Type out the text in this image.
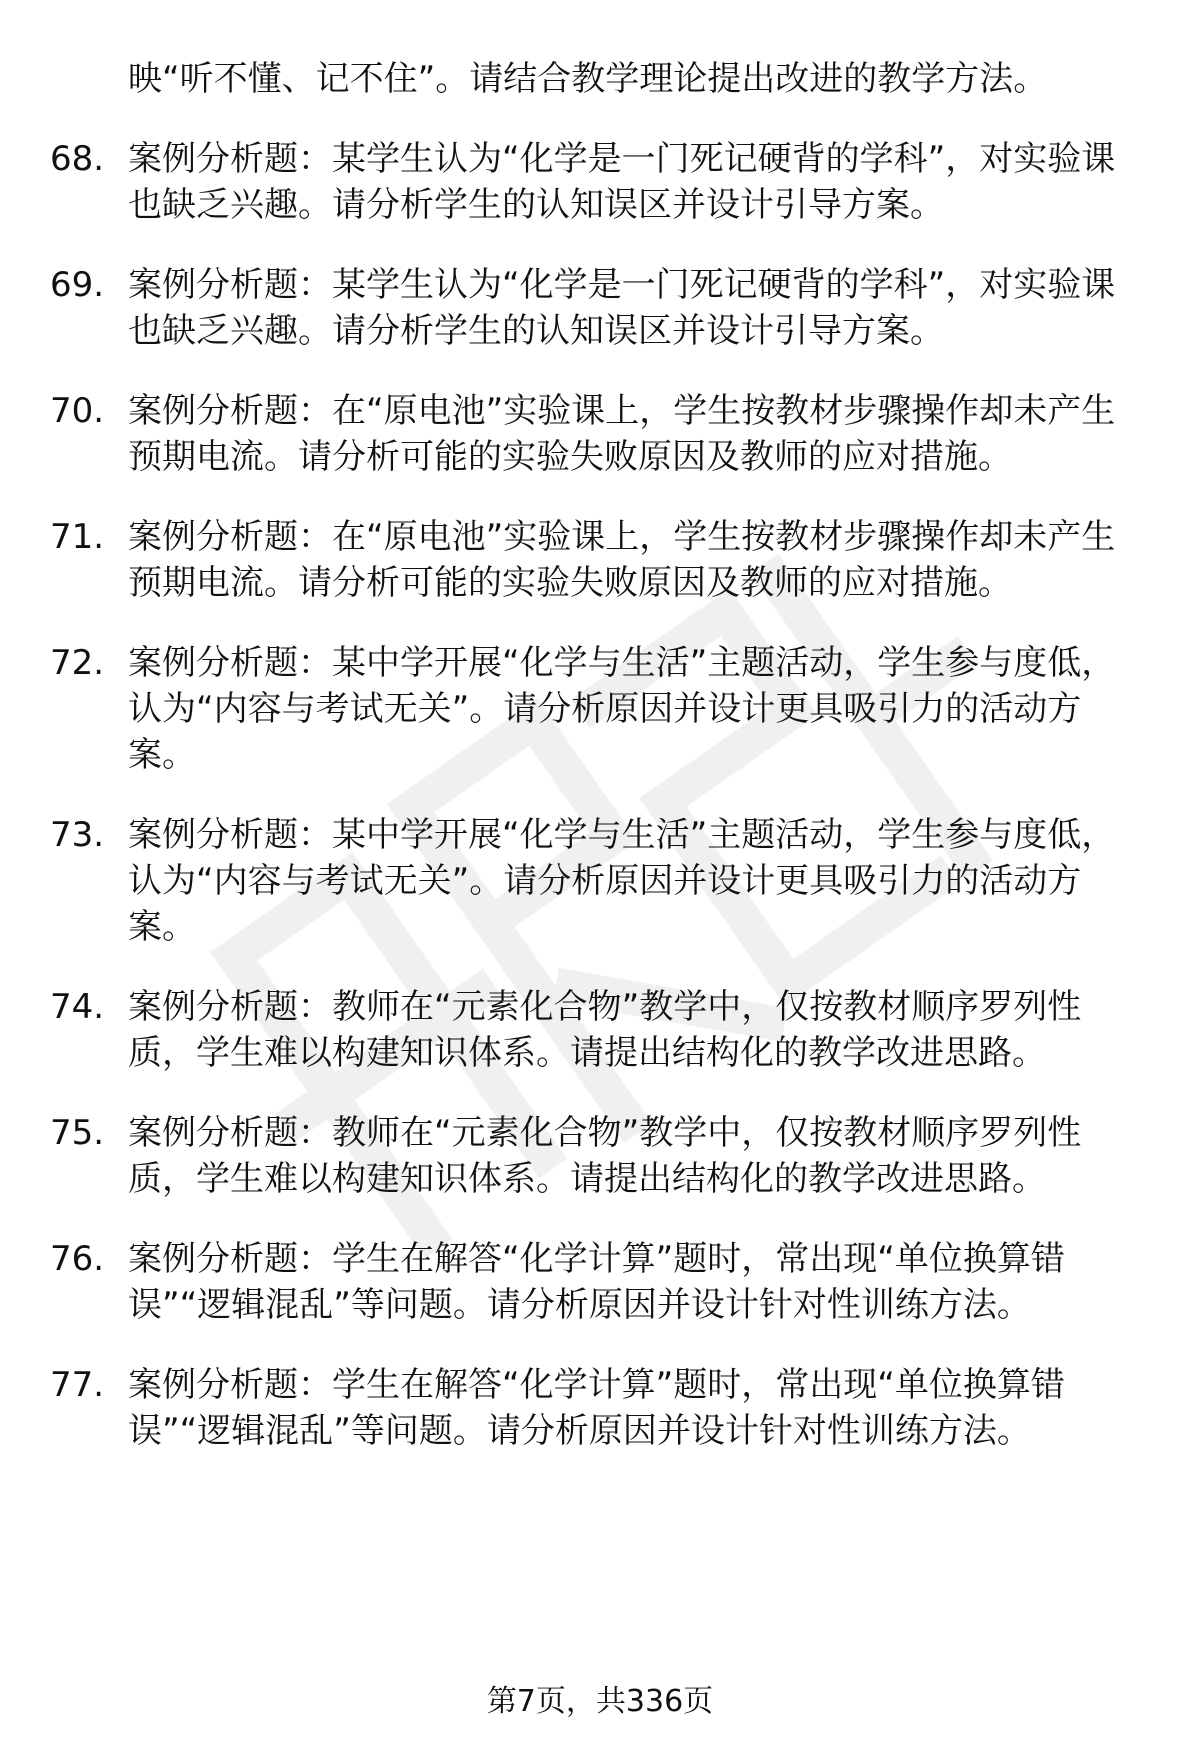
映“听不懂、记不住”。请结合教学理论提出改进的教学方法。
68. 案例分析题：某学生认为“化学是一门死记硬背的学科”，对实验课也缺乏兴趣。请分析学生的认知误区并设计引导方案。
69. 案例分析题：某学生认为“化学是一门死记硬背的学科”，对实验课也缺乏兴趣。请分析学生的认知误区并设计引导方案。
70. 案例分析题：在“原电池”实验课上，学生按教材步骤操作却未产生预期电流。请分析可能的实验失败原因及教师的应对措施。
71. 案例分析题：在“原电池”实验课上，学生按教材步骤操作却未产生预期电流。请分析可能的实验失败原因及教师的应对措施。
72. 案例分析题：某中学开展“化学与生活”主题活动，学生参与度低，认为“内容与考试无关”。请分析原因并设计更具吸引力的活动方案。
73. 案例分析题：某中学开展“化学与生活”主题活动，学生参与度低，认为“内容与考试无关”。请分析原因并设计更具吸引力的活动方案。
74. 案例分析题：教师在“元素化合物”教学中，仅按教材顺序罗列性质，学生难以构建知识体系。请提出结构化的教学改进思路。
75. 案例分析题：教师在“元素化合物”教学中，仅按教材顺序罗列性质，学生难以构建知识体系。请提出结构化的教学改进思路。
76. 案例分析题：学生在解答“化学计算”题时，常出现“单位换算错误”“逻辑混乱”等问题。请分析原因并设计针对性训练方法。
77. 案例分析题：学生在解答“化学计算”题时，常出现“单位换算错误”“逻辑混乱”等问题。请分析原因并设计针对性训练方法。
第7页，共336页
